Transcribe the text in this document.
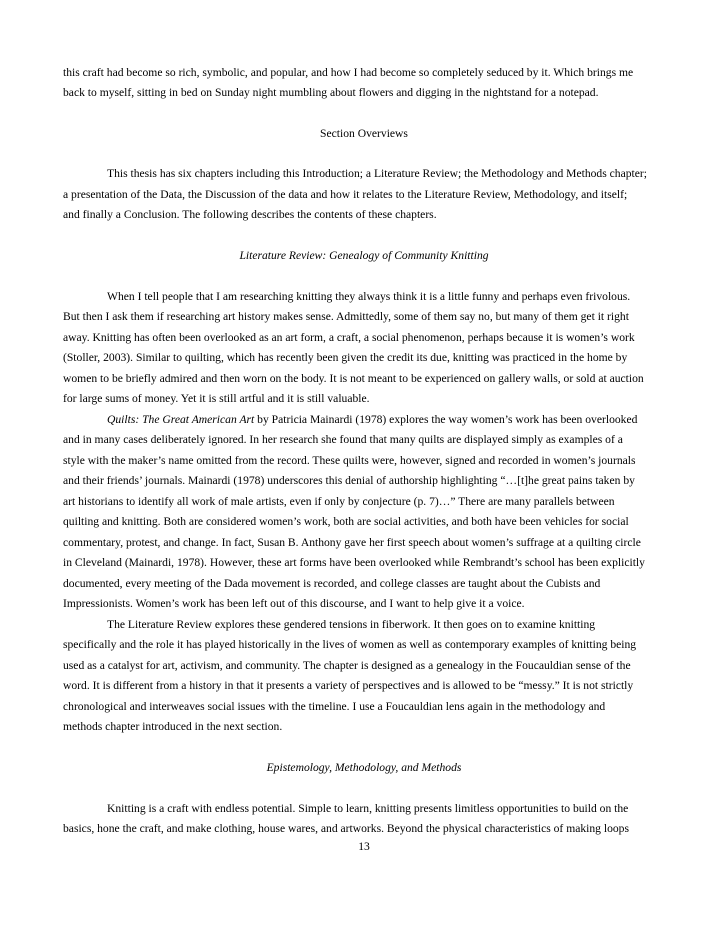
this craft had become so rich, symbolic, and popular, and how I had become so completely seduced by it. Which brings me
back to myself, sitting in bed on Sunday night mumbling about flowers and digging in the nightstand for a notepad.
Section Overviews
This thesis has six chapters including this Introduction; a Literature Review; the Methodology and Methods chapter;
a presentation of the Data, the Discussion of the data and how it relates to the Literature Review, Methodology, and itself;
and finally a Conclusion. The following describes the contents of these chapters.
Literature Review: Genealogy of Community Knitting
When I tell people that I am researching knitting they always think it is a little funny and perhaps even frivolous.
But then I ask them if researching art history makes sense. Admittedly, some of them say no, but many of them get it right
away. Knitting has often been overlooked as an art form, a craft, a social phenomenon, perhaps because it is women’s work
(Stoller, 2003). Similar to quilting, which has recently been given the credit its due, knitting was practiced in the home by
women to be briefly admired and then worn on the body. It is not meant to be experienced on gallery walls, or sold at auction
for large sums of money. Yet it is still artful and it is still valuable.
Quilts: The Great American Art by Patricia Mainardi (1978) explores the way women’s work has been overlooked
and in many cases deliberately ignored. In her research she found that many quilts are displayed simply as examples of a
style with the maker’s name omitted from the record. These quilts were, however, signed and recorded in women’s journals
and their friends’ journals. Mainardi (1978) underscores this denial of authorship highlighting “…[t]he great pains taken by
art historians to identify all work of male artists, even if only by conjecture (p. 7)…” There are many parallels between
quilting and knitting. Both are considered women’s work, both are social activities, and both have been vehicles for social
commentary, protest, and change. In fact, Susan B. Anthony gave her first speech about women’s suffrage at a quilting circle
in Cleveland (Mainardi, 1978). However, these art forms have been overlooked while Rembrandt’s school has been explicitly
documented, every meeting of the Dada movement is recorded, and college classes are taught about the Cubists and
Impressionists. Women’s work has been left out of this discourse, and I want to help give it a voice.
The Literature Review explores these gendered tensions in fiberwork. It then goes on to examine knitting
specifically and the role it has played historically in the lives of women as well as contemporary examples of knitting being
used as a catalyst for art, activism, and community. The chapter is designed as a genealogy in the Foucauldian sense of the
word. It is different from a history in that it presents a variety of perspectives and is allowed to be “messy.” It is not strictly
chronological and interweaves social issues with the timeline. I use a Foucauldian lens again in the methodology and
methods chapter introduced in the next section.
Epistemology, Methodology, and Methods
Knitting is a craft with endless potential. Simple to learn, knitting presents limitless opportunities to build on the
basics, hone the craft, and make clothing, house wares, and artworks. Beyond the physical characteristics of making loops
13
